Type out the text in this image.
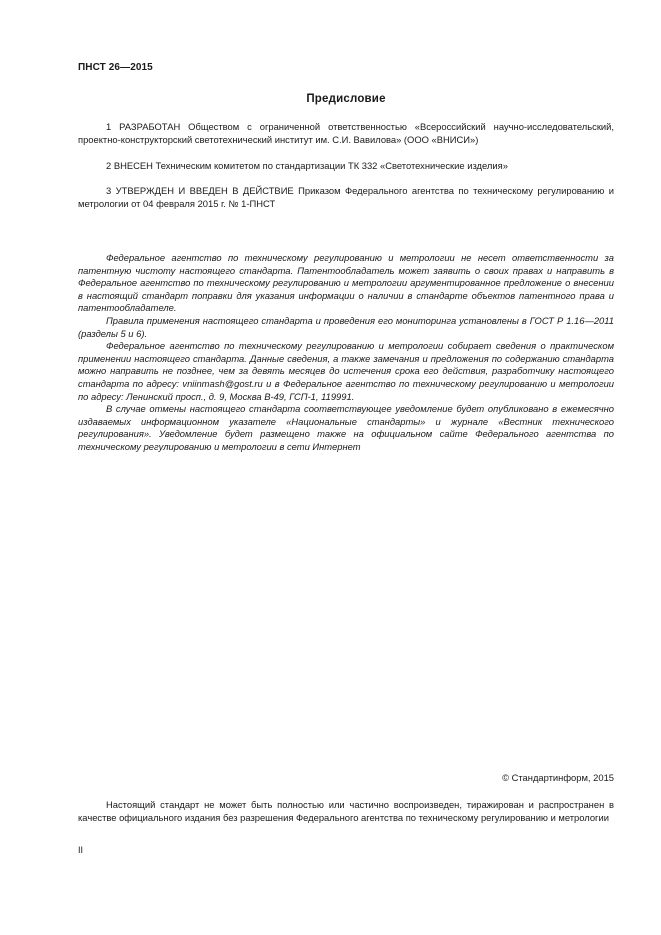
ПНСТ 26—2015
Предисловие

1 РАЗРАБОТАН Обществом с ограниченной ответственностью «Всероссийский научно-исследовательский, проектно-конструкторский светотехнический институт им. С.И. Вавилова» (ООО «ВНИСИ»)

2 ВНЕСЕН Техническим комитетом по стандартизации ТК 332 «Светотехнические изделия»

3 УТВЕРЖДЕН И ВВЕДЕН В ДЕЙСТВИЕ Приказом Федерального агентства по техническому регулированию и метрологии от 04 февраля 2015 г. № 1-ПНСТ

Федеральное агентство по техническому регулированию и метрологии не несет ответственности за патентную чистоту настоящего стандарта. Патентообладатель может заявить о своих правах и направить в Федеральное агентство по техническому регулированию и метрологии аргументированное предложение о внесении в настоящий стандарт поправки для указания информации о наличии в стандарте объектов патентного права и патентообладателе.

Правила применения настоящего стандарта и проведения его мониторинга установлены в ГОСТ Р 1.16—2011 (разделы 5 и 6).

Федеральное агентство по техническому регулированию и метрологии собирает сведения о практическом применении настоящего стандарта. Данные сведения, а также замечания и предложения по содержанию стандарта можно направить не позднее, чем за девять месяцев до истечения срока его действия, разработчику настоящего стандарта по адресу: vniinmash@gost.ru и в Федеральное агентство по техническому регулированию и метрологии по адресу: Ленинский просп., д. 9, Москва В-49, ГСП-1, 119991.

В случае отмены настоящего стандарта соответствующее уведомление будет опубликовано в ежемесячно издаваемых информационном указателе «Национальные стандарты» и журнале «Вестник технического регулирования». Уведомление будет размещено также на официальном сайте Федерального агентства по техническому регулированию и метрологии в сети Интернет

© Стандартинформ, 2015

Настоящий стандарт не может быть полностью или частично воспроизведен, тиражирован и распространен в качестве официального издания без разрешения Федерального агентства по техническому регулированию и метрологии

II
